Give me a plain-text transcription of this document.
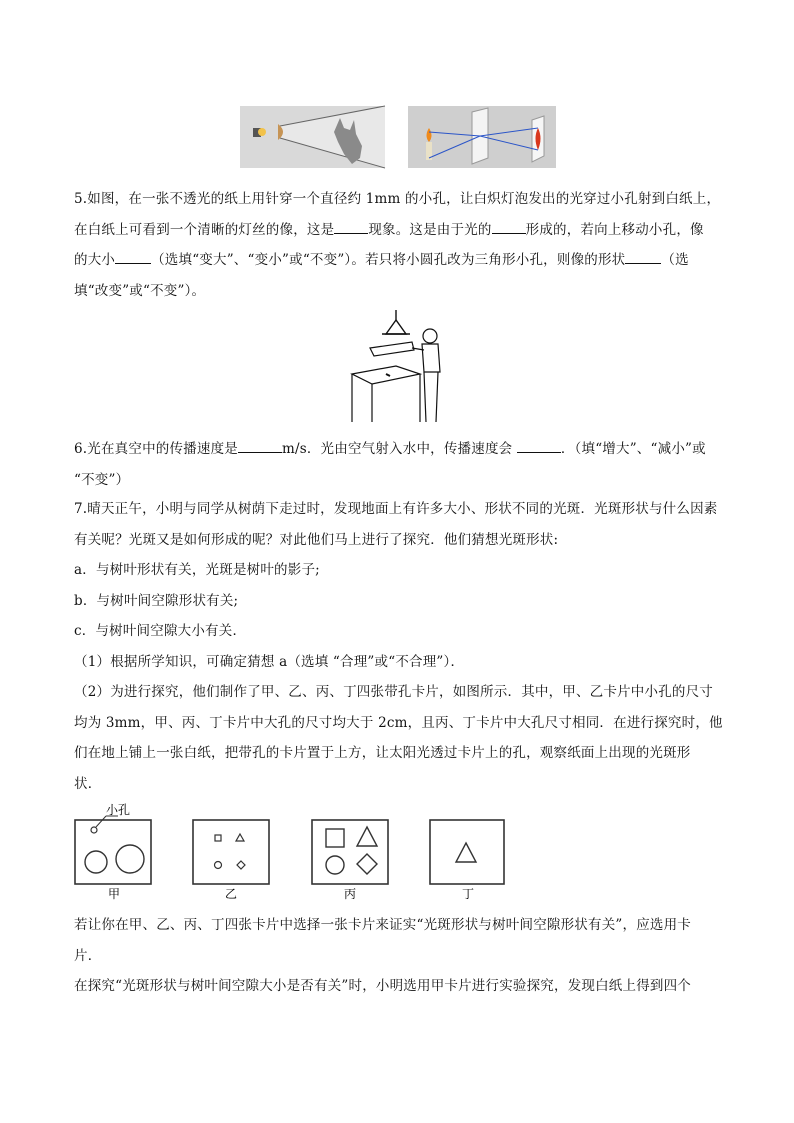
5.如图，在一张不透光的纸上用针穿一个直径约 1mm 的小孔，让白炽灯泡发出的光穿过小孔射到白纸上，
在白纸上可看到一个清晰的灯丝的像，这是	现象。这是由于光的	形成的，若向上移动小孔，像
的大小	（选填“变大”、“变小”或“不变”）。若只将小圆孔改为三角形小孔，则像的形状	（选
填“改变”或“不变”）。

6.光在真空中的传播速度是	m/s．光由空气射入水中，传播速度会	．（填“增大”、“减小”或
“不变”）

7.晴天正午，小明与同学从树荫下走过时，发现地面上有许多大小、形状不同的光斑．光斑形状与什么因素
有关呢？光斑又是如何形成的呢？对此他们马上进行了探究．他们猜想光斑形状:
a．与树叶形状有关，光斑是树叶的影子;
b．与树叶间空隙形状有关;
c．与树叶间空隙大小有关．
（1）根据所学知识，可确定猜想 a（选填 “合理”或“不合理”）．
（2）为进行探究，他们制作了甲、乙、丙、丁四张带孔卡片，如图所示．其中，甲、乙卡片中小孔的尺寸
均为 3mm，甲、丙、丁卡片中大孔的尺寸均大于 2cm，且丙、丁卡片中大孔尺寸相同．在进行探究时，他
们在地上铺上一张白纸，把带孔的卡片置于上方，让太阳光透过卡片上的孔，观察纸面上出现的光斑形
状．

小孔
甲	乙	丙	丁

若让你在甲、乙、丙、丁四张卡片中选择一张卡片来证实“光斑形状与树叶间空隙形状有关”，应选用卡
片．
在探究“光斑形状与树叶间空隙大小是否有关”时，小明选用甲卡片进行实验探究，发现白纸上得到四个
